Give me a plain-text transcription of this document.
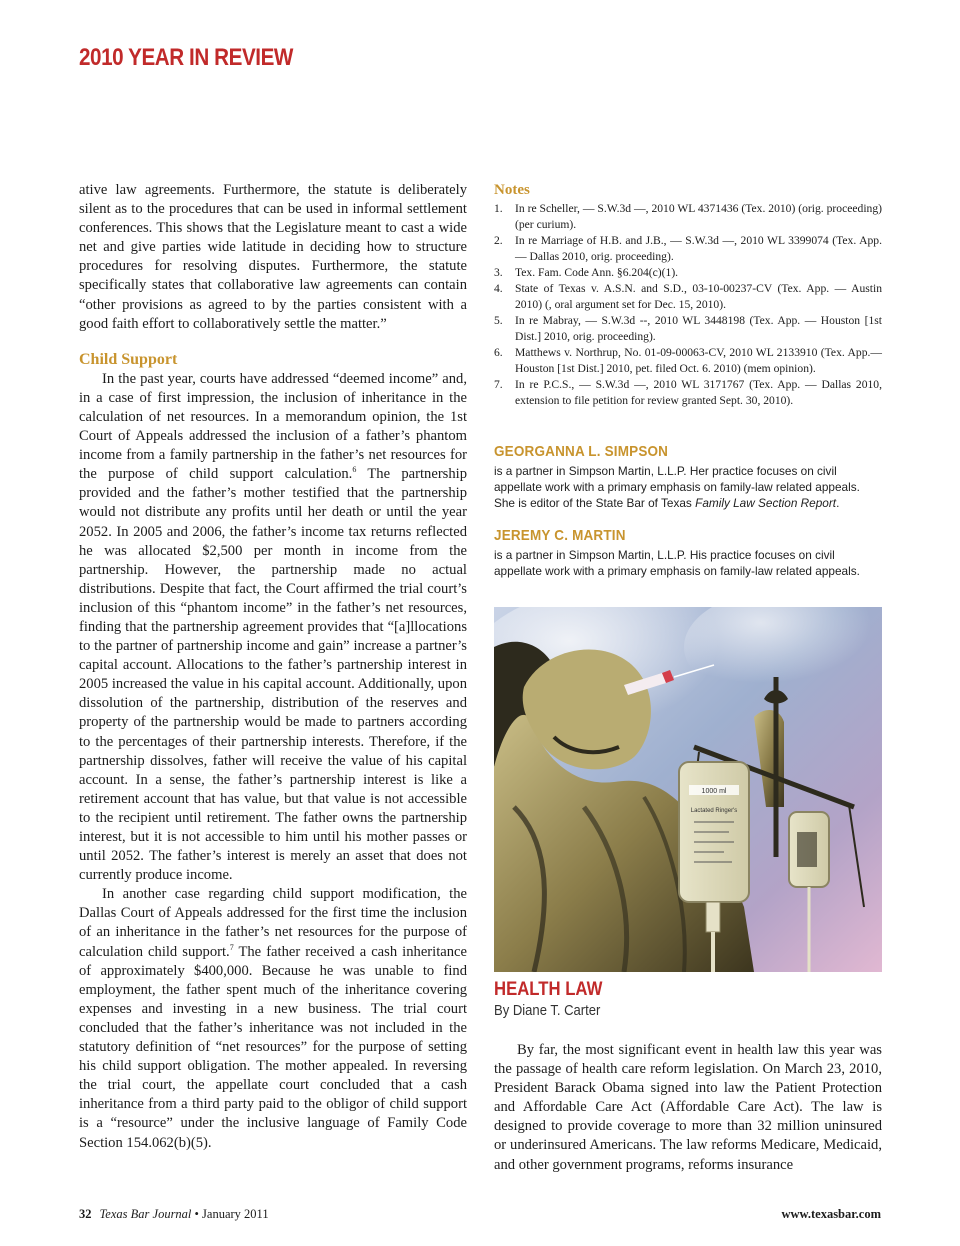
2010 YEAR IN REVIEW

ative law agreements. Furthermore, the statute is deliberately silent as to the procedures that can be used in informal settlement conferences. This shows that the Legislature meant to cast a wide net and give parties wide latitude in deciding how to structure procedures for resolving disputes. Furthermore, the statute specifically states that collaborative law agreements can contain “other provisions as agreed to by the parties consistent with a good faith effort to collaboratively settle the matter.”

Child Support

In the past year, courts have addressed “deemed income” and, in a case of first impression, the inclusion of inheritance in the calculation of net resources. In a memorandum opinion, the 1st Court of Appeals addressed the inclusion of a father’s phantom income from a family partnership in the father’s net resources for the purpose of child support calculation.$^6$ The partnership provided and the father’s mother testified that the partnership would not distribute any profits until her death or until the year 2052. In 2005 and 2006, the father’s income tax returns reflected he was allocated $2,500 per month in income from the partnership. However, the partnership made no actual distributions. Despite that fact, the Court affirmed the trial court’s inclusion of this “phantom income” in the father’s net resources, finding that the partnership agreement provides that “[a]llocations to the partner of partnership income and gain” increase a partner’s capital account. Allocations to the father’s partnership interest in 2005 increased the value in his capital account. Additionally, upon dissolution of the partnership, distribution of the reserves and property of the partnership would be made to partners according to the percentages of their partnership interests. Therefore, if the partnership dissolves, father will receive the value of his capital account. In a sense, the father’s partnership interest is like a retirement account that has value, but that value is not accessible to the recipient until retirement. The father owns the partnership interest, but it is not accessible to him until his mother passes or until 2052. The father’s interest is merely an asset that does not currently produce income.

In another case regarding child support modification, the Dallas Court of Appeals addressed for the first time the inclusion of an inheritance in the father’s net resources for the purpose of calculation child support.$^7$ The father received a cash inheritance of approximately $400,000. Because he was unable to find employment, the father spent much of the inheritance covering expenses and investing in a new business. The trial court concluded that the father’s inheritance was not included in the statutory definition of “net resources” for the purpose of setting his child support obligation. The mother appealed. In reversing the trial court, the appellate court concluded that a cash inheritance from a third party paid to the obligor of child support is a “resource” under the inclusive language of Family Code Section 154.062(b)(5).

Notes
1. In re Scheller, — S.W.3d —, 2010 WL 4371436 (Tex. 2010) (orig. proceeding) (per curium).
2. In re Marriage of H.B. and J.B., — S.W.3d —, 2010 WL 3399074 (Tex. App. — Dallas 2010, orig. proceeding).
3. Tex. Fam. Code Ann. §6.204(c)(1).
4. State of Texas v. A.S.N. and S.D., 03-10-00237-CV (Tex. App. — Austin 2010) (, oral argument set for Dec. 15, 2010).
5. In re Mabray, — S.W.3d --, 2010 WL 3448198 (Tex. App. — Houston [1st Dist.] 2010, orig. proceeding).
6. Matthews v. Northrup, No. 01-09-00063-CV, 2010 WL 2133910 (Tex. App.—Houston [1st Dist.] 2010, pet. filed Oct. 6. 2010) (mem opinion).
7. In re P.C.S., — S.W.3d —, 2010 WL 3171767 (Tex. App. — Dallas 2010, extension to file petition for review granted Sept. 30, 2010).
GEORGANNA L. SIMPSON
is a partner in Simpson Martin, L.L.P. Her practice focuses on civil appellate work with a primary emphasis on family-law related appeals. She is editor of the State Bar of Texas Family Law Section Report.
JEREMY C. MARTIN
is a partner in Simpson Martin, L.L.P. His practice focuses on civil appellate work with a primary emphasis on family-law related appeals.
1000 ml
Lactated Ringer's
HEALTH LAW
By Diane T. Carter

By far, the most significant event in health law this year was the passage of health care reform legislation. On March 23, 2010, President Barack Obama signed into law the Patient Protection and Affordable Care Act (Affordable Care Act). The law is designed to provide coverage to more than 32 million uninsured or underinsured Americans. The law reforms Medicare, Medicaid, and other government programs, reforms insurance

32 Texas Bar Journal • January 2011	www.texasbar.com
